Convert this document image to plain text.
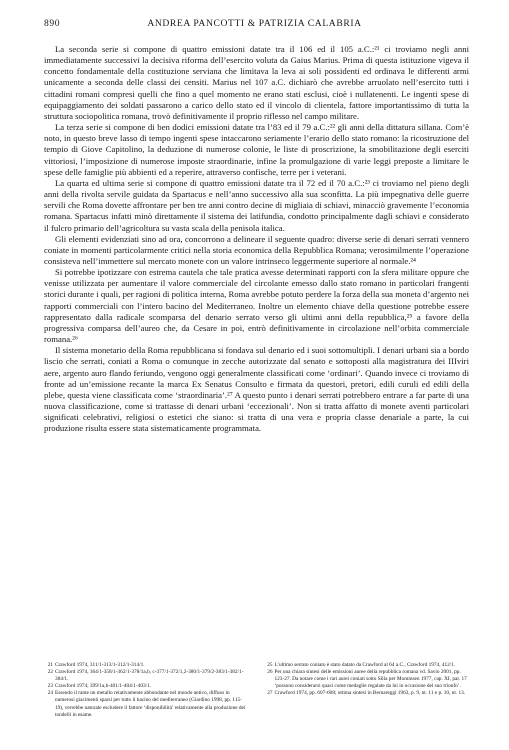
890	ANDREA PANCOTTI & PATRIZIA CALABRIA

La seconda serie si compone di quattro emissioni datate tra il 106 ed il 105 a.C.:²¹ ci troviamo negli anni immediatamente successivi la decisiva riforma dell’esercito voluta da Gaius Marius. Prima di questa istituzione vigeva il concetto fondamentale della costituzione serviana che limitava la leva ai soli possidenti ed ordinava le differenti armi unicamente a seconda delle classi dei censiti. Marius nel 107 a.C. dichiarò che avrebbe arruolato nell’esercito tutti i cittadini romani compresi quelli che fino a quel momento ne erano stati esclusi, cioè i nullatenenti. Le ingenti spese di equipaggiamento dei soldati passarono a carico dello stato ed il vincolo di clientela, fattore importantissimo di tutta la struttura sociopolitica romana, trovò definitivamente il proprio riflesso nel campo militare.

La terza serie si compone di ben dodici emissioni datate tra l’83 ed il 79 a.C.:²² gli anni della dittatura sillana. Com’è noto, in questo breve lasso di tempo ingenti spese intaccarono seriamente l’erario dello stato romano: la ricostruzione del tempio di Giove Capitolino, la deduzione di numerose colonie, le liste di proscrizione, la smobilitazione degli eserciti vittoriosi, l’imposizione di numerose imposte straordinarie, infine la promulgazione di varie leggi preposte a limitare le spese delle famiglie più abbienti ed a reperire, attraverso confische, terre per i veterani.

La quarta ed ultima serie si compone di quattro emissioni datate tra il 72 ed il 70 a.C.:²³ ci troviamo nel pieno degli anni della rivolta servile guidata da Spartacus e nell’anno successivo alla sua sconfitta. La più impegnativa delle guerre servili che Roma dovette affrontare per ben tre anni contro decine di migliaia di schiavi, minacciò gravemente l’economia romana. Spartacus infatti minò direttamente il sistema dei latifundia, condotto principalmente dagli schiavi e considerato il fulcro primario dell’agricoltura su vasta scala della penisola italica.

Gli elementi evidenziati sino ad ora, concorrono a delineare il seguente quadro: diverse serie di denari serrati vennero coniate in momenti particolarmente critici nella storia economica della Repubblica Romana; verosimilmente l’operazione consisteva nell’immettere sul mercato monete con un valore intrinseco leggermente superiore al normale.²⁴

Si potrebbe ipotizzare con estrema cautela che tale pratica avesse determinati rapporti con la sfera militare oppure che venisse utilizzata per aumentare il valore commerciale del circolante emesso dallo stato romano in particolari frangenti storici durante i quali, per ragioni di politica interna, Roma avrebbe potuto perdere la forza della sua moneta d’argento nei rapporti commerciali con l’intero bacino del Mediterraneo. Inoltre un elemento chiave della questione potrebbe essere rappresentato dalla radicale scomparsa del denario serrato verso gli ultimi anni della repubblica,²⁵ a favore della progressiva comparsa dell’aureo che, da Cesare in poi, entrò definitivamente in circolazione nell’orbita commerciale romana.²⁶

Il sistema monetario della Roma repubblicana si fondava sul denario ed i suoi sottomultipli. I denari urbani sia a bordo liscio che serrati, coniati a Roma o comunque in zecche autorizzate dal senato e sottoposti alla magistratura dei IIIviri aere, argento auro flando feriundo, vengono oggi generalmente classificati come ‘ordinari’. Quando invece ci troviamo di fronte ad un’emissione recante la marca Ex Senatus Consulto e firmata da questori, pretori, edili curuli ed edili della plebe, questa viene classificata come ‘straordinaria’.²⁷ A questo punto i denari serrati potrebbero entrare a far parte di una nuova classificazione, come si trattasse di denari urbani ‘eccezionali’. Non si tratta affatto di monete aventi particolari significati celebrativi, religiosi o estetici che siano: si tratta di una vera e propria classe denariale a parte, la cui produzione risulta essere stata sistematicamente programmata.

21 Crawford 1974, 311/1-313/1-312/1-314/1.
22 Crawford 1974, 364/1-358/1-362/1-378/1a,b, c-377/1-372/1,2-380/1-379/2-383/1-382/1-384/1.
23 Crawford 1974, 399/1a,b-401/1-404/1-403/1.
24 Essendo il rame un metallo relativamente abbondante nel mondo antico, diffuso in numerosi giacimenti sparsi per tutto il bacino del mediterraneo (Giardino 1998, pp. 115-19), verrebbe naturale escludere il fattore ‘disponibilità’ relativamente alla produzione dei tondelli in esame.
25 L’ultimo serrato coniato è stato datato da Crawford al 64 a.C., Crawford 1974, 412/1.
26 Per una chiara sintesi delle emissioni auree della repubblica romana vd. Savio 2001, pp. 123-27. Da notare come i rari aurei coniati sotto Silla per Mommsen 1977, cap. XI, par. 17 ‘possono considerarsi quasi come medaglie regalate da lui in occasione del suo trionfo’.
27 Crawford 1974, pp. 607-608; ottima sintesi in Bernareggi 1963, p. 9, nt. 11 e p. 10, nt. 13.
